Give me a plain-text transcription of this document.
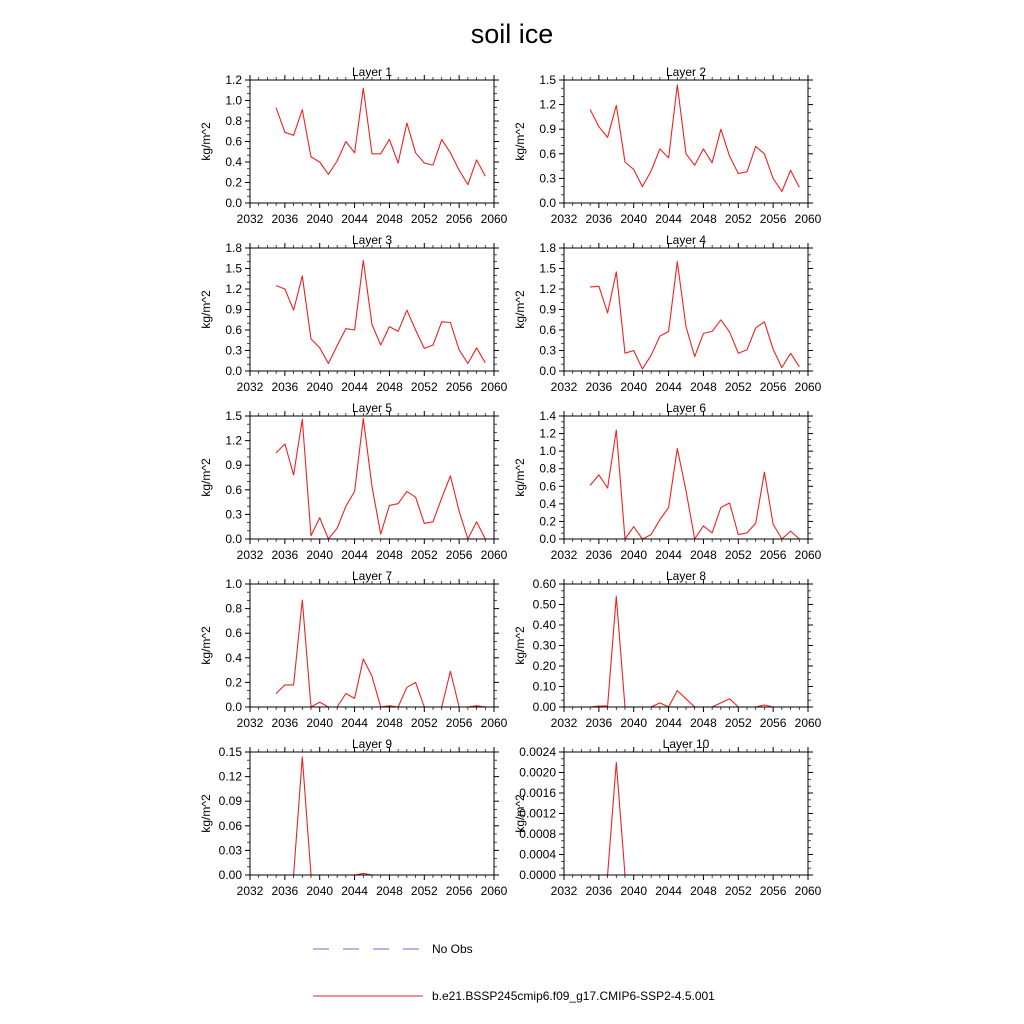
soil ice
Layer 1
kg/m^2
2032 2036 2040 2044 2048 2052 2056 2060
0.0
0.2
0.4
0.6
0.8
1.0
1.2
Layer 2
kg/m^2
2032 2036 2040 2044 2048 2052 2056 2060
0.0
0.3
0.6
0.9
1.2
1.5
Layer 3
kg/m^2
2032 2036 2040 2044 2048 2052 2056 2060
0.0
0.3
0.6
0.9
1.2
1.5
1.8
Layer 4
kg/m^2
2032 2036 2040 2044 2048 2052 2056 2060
0.0
0.3
0.6
0.9
1.2
1.5
1.8
Layer 5
kg/m^2
2032 2036 2040 2044 2048 2052 2056 2060
0.0
0.3
0.6
0.9
1.2
1.5
Layer 6
kg/m^2
2032 2036 2040 2044 2048 2052 2056 2060
0.0
0.2
0.4
0.6
0.8
1.0
1.2
1.4
Layer 7
kg/m^2
2032 2036 2040 2044 2048 2052 2056 2060
0.0
0.2
0.4
0.6
0.8
1.0
Layer 8
kg/m^2
2032 2036 2040 2044 2048 2052 2056 2060
0.00
0.10
0.20
0.30
0.40
0.50
0.60
Layer 9
kg/m^2
2032 2036 2040 2044 2048 2052 2056 2060
0.00
0.03
0.06
0.09
0.12
0.15
Layer 10
kg/m^2
2032 2036 2040 2044 2048 2052 2056 2060
0.0000
0.0004
0.0008
0.0012
0.0016
0.0020
0.0024
No Obs
b.e21.BSSP245cmip6.f09_g17.CMIP6-SSP2-4.5.001
